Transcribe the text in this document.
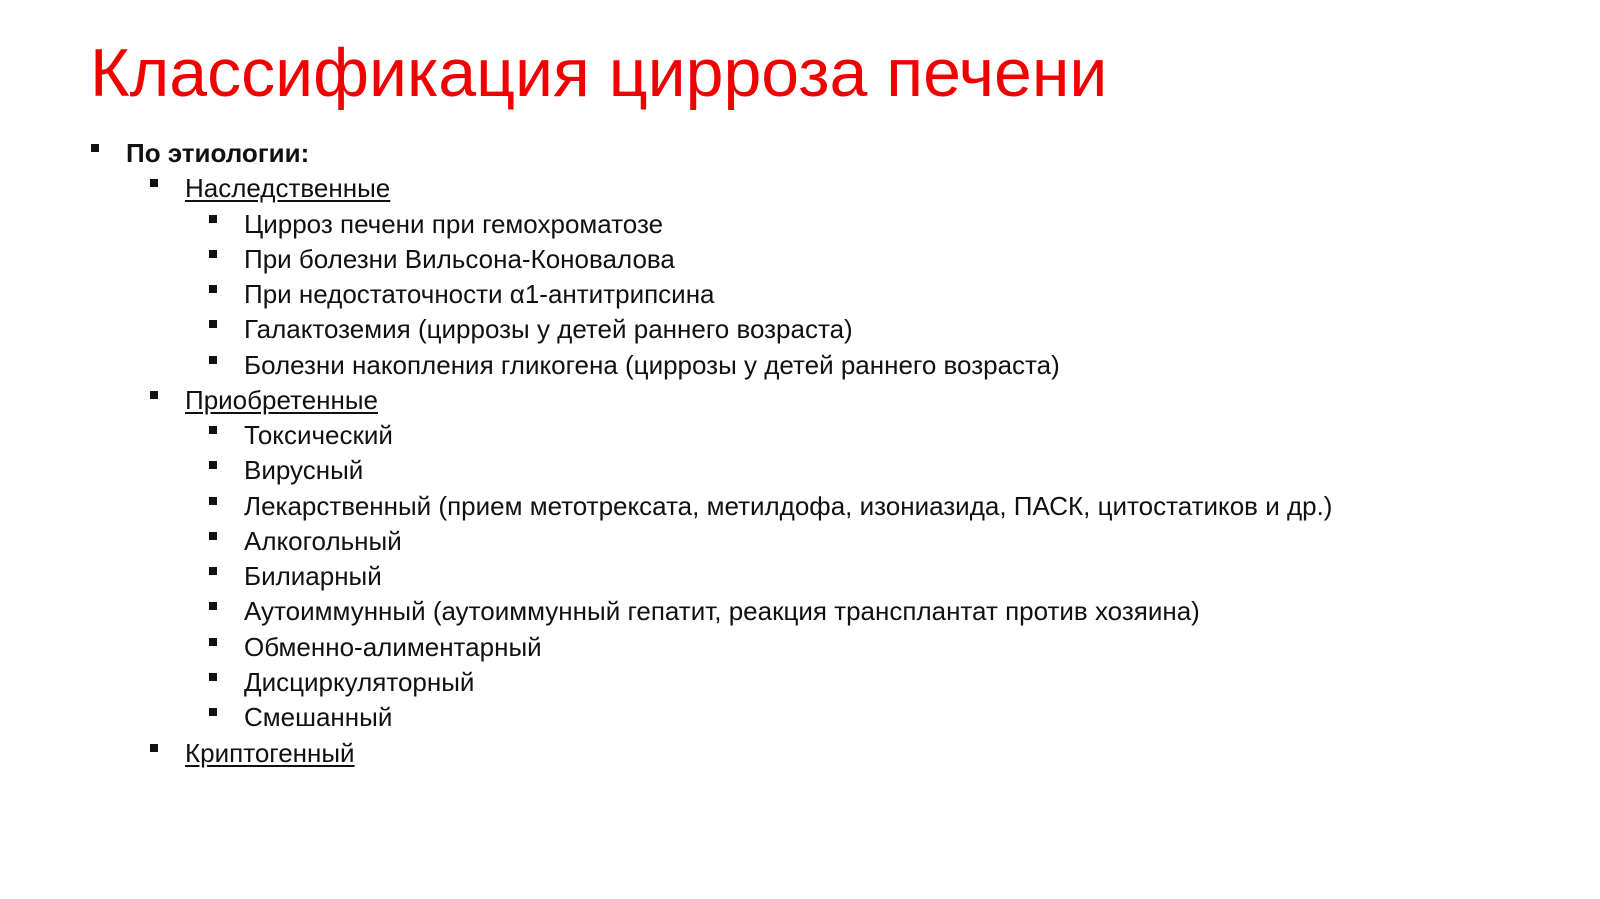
Классификация цирроза печени
По этиологии:
Наследственные
Цирроз печени при гемохроматозе
При болезни Вильсона-Коновалова
При недостаточности α1-антитрипсина
Галактоземия (циррозы у детей раннего возраста)
Болезни накопления гликогена (циррозы у детей раннего возраста)
Приобретенные
Токсический
Вирусный
Лекарственный (прием метотрексата, метилдофа, изониазида, ПАСК, цитостатиков и др.)
Алкогольный
Билиарный
Аутоиммунный (аутоиммунный гепатит, реакция трансплантат против хозяина)
Обменно-алиментарный
Дисциркуляторный
Смешанный
Криптогенный
